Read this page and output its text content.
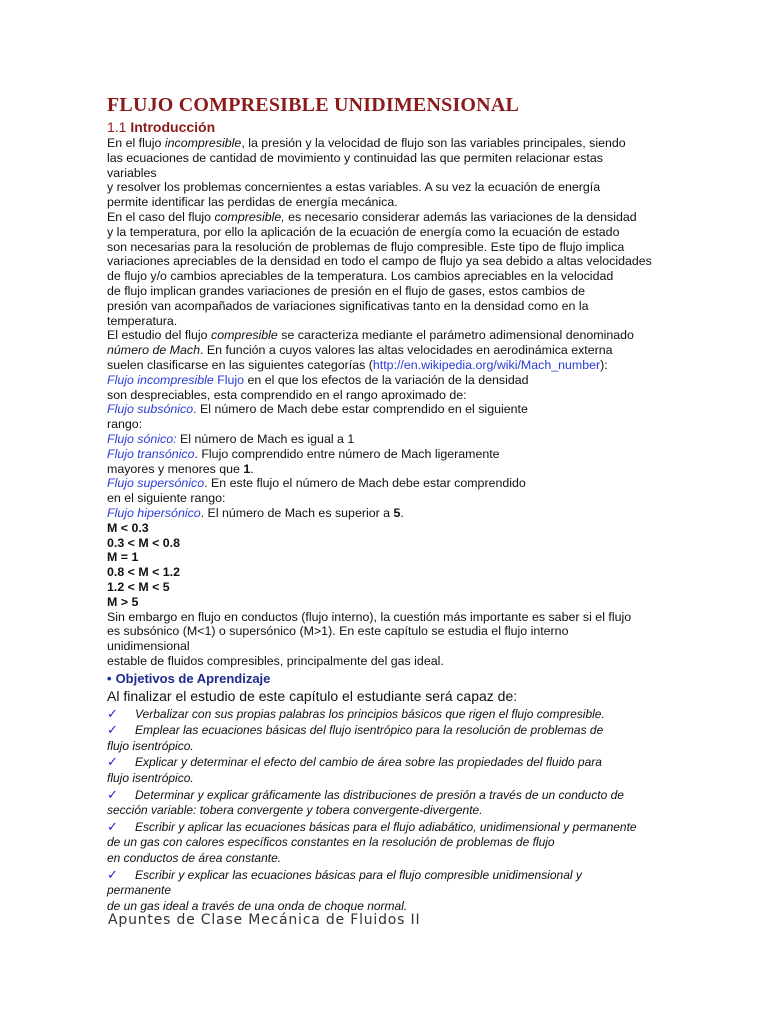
FLUJO COMPRESIBLE UNIDIMENSIONAL
1.1 Introducción
En el flujo incompresible, la presión y la velocidad de flujo son las variables principales, siendo
las ecuaciones de cantidad de movimiento y continuidad las que permiten relacionar estas
variables
y resolver los problemas concernientes a estas variables. A su vez la ecuación de energía
permite identificar las perdidas de energía mecánica.
En el caso del flujo compresible, es necesario considerar además las variaciones de la densidad
y la temperatura, por ello la aplicación de la ecuación de energía como la ecuación de estado
son necesarias para la resolución de problemas de flujo compresible. Este tipo de flujo implica
variaciones apreciables de la densidad en todo el campo de flujo ya sea debido a altas velocidades
de flujo y/o cambios apreciables de la temperatura. Los cambios apreciables en la velocidad
de flujo implican grandes variaciones de presión en el flujo de gases, estos cambios de
presión van acompañados de variaciones significativas tanto en la densidad como en la
temperatura.
El estudio del flujo compresible se caracteriza mediante el parámetro adimensional denominado
número de Mach. En función a cuyos valores las altas velocidades en aerodinámica externa
suelen clasificarse en las siguientes categorías (http://en.wikipedia.org/wiki/Mach_number):
Flujo incompresible Flujo en el que los efectos de la variación de la densidad
son despreciables, esta comprendido en el rango aproximado de:
Flujo subsónico. El número de Mach debe estar comprendido en el siguiente
rango:
Flujo sónico: El número de Mach es igual a 1
Flujo transónico. Flujo comprendido entre número de Mach ligeramente
mayores y menores que 1.
Flujo supersónico. En este flujo el número de Mach debe estar comprendido
en el siguiente rango:
Flujo hipersónico. El número de Mach es superior a 5.
M < 0.3
0.3 < M < 0.8
M = 1
0.8 < M < 1.2
1.2 < M < 5
M > 5
Sin embargo en flujo en conductos (flujo interno), la cuestión más importante es saber si el flujo
es subsónico (M<1) o supersónico (M>1). En este capítulo se estudia el flujo interno
unidimensional
estable de fluidos compresibles, principalmente del gas ideal.
• Objetivos de Aprendizaje
Al finalizar el estudio de este capítulo el estudiante será capaz de:
✓ Verbalizar con sus propias palabras los principios básicos que rigen el flujo compresible.
✓ Emplear las ecuaciones básicas del flujo isentrópico para la resolución de problemas de
flujo isentrópico.
✓ Explicar y determinar el efecto del cambio de área sobre las propiedades del fluido para
flujo isentrópico.
✓ Determinar y explicar gráficamente las distribuciones de presión a través de un conducto de
sección variable: tobera convergente y tobera convergente-divergente.
✓ Escribir y aplicar las ecuaciones básicas para el flujo adiabático, unidimensional y permanente
de un gas con calores específicos constantes en la resolución de problemas de flujo
en conductos de área constante.
✓ Escribir y explicar las ecuaciones básicas para el flujo compresible unidimensional y
permanente
de un gas ideal a través de una onda de choque normal.
Apuntes de Clase Mecánica de Fluidos II
